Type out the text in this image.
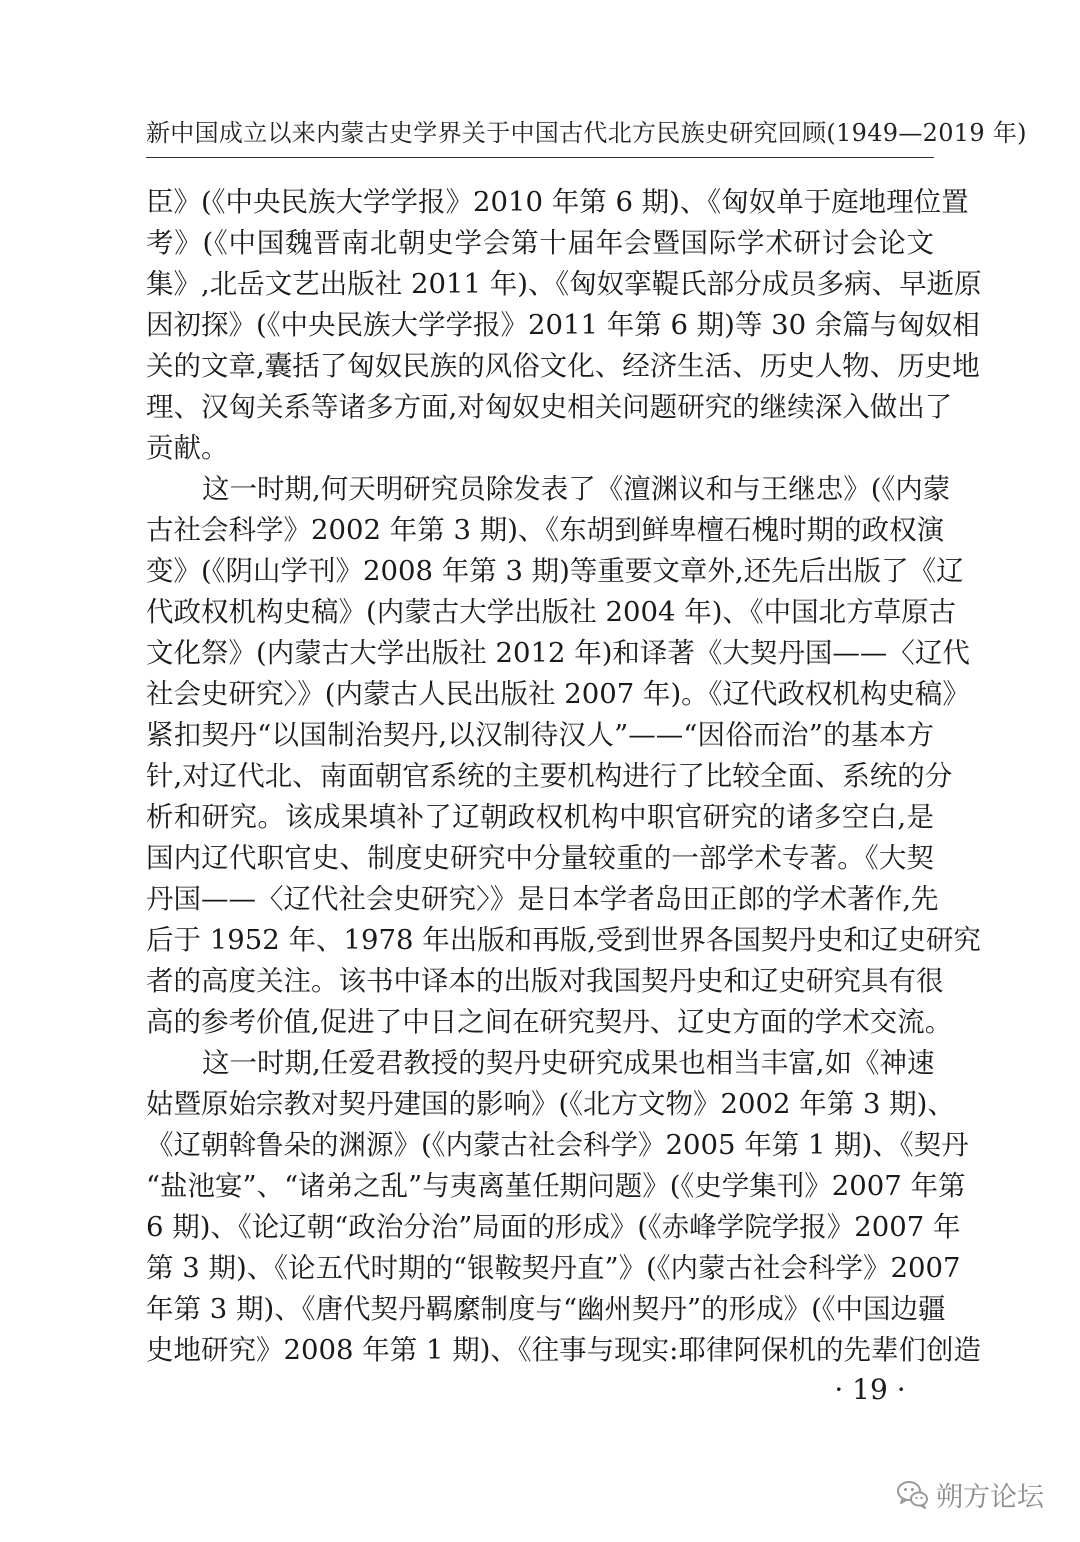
新中国成立以来内蒙古史学界关于中国古代北方民族史研究回顾(1949—2019 年)
臣》(《中央民族大学学报》2010 年第 6 期)、《匈奴单于庭地理位置
考》(《中国魏晋南北朝史学会第十届年会暨国际学术研讨会论文
集》,北岳文艺出版社 2011 年)、《匈奴挛鞮氏部分成员多病、早逝原
因初探》(《中央民族大学学报》2011 年第 6 期)等 30 余篇与匈奴相
关的文章,囊括了匈奴民族的风俗文化、经济生活、历史人物、历史地
理、汉匈关系等诸多方面,对匈奴史相关问题研究的继续深入做出了
贡献。
这一时期,何天明研究员除发表了《澶渊议和与王继忠》(《内蒙
古社会科学》2002 年第 3 期)、《东胡到鲜卑檀石槐时期的政权演
变》(《阴山学刊》2008 年第 3 期)等重要文章外,还先后出版了《辽
代政权机构史稿》(内蒙古大学出版社 2004 年)、《中国北方草原古
文化祭》(内蒙古大学出版社 2012 年)和译著《大契丹国——〈辽代
社会史研究〉》(内蒙古人民出版社 2007 年)。《辽代政权机构史稿》
紧扣契丹“以国制治契丹,以汉制待汉人”——“因俗而治”的基本方
针,对辽代北、南面朝官系统的主要机构进行了比较全面、系统的分
析和研究。该成果填补了辽朝政权机构中职官研究的诸多空白,是
国内辽代职官史、制度史研究中分量较重的一部学术专著。《大契
丹国——〈辽代社会史研究〉》是日本学者岛田正郎的学术著作,先
后于 1952 年、1978 年出版和再版,受到世界各国契丹史和辽史研究
者的高度关注。该书中译本的出版对我国契丹史和辽史研究具有很
高的参考价值,促进了中日之间在研究契丹、辽史方面的学术交流。
这一时期,任爱君教授的契丹史研究成果也相当丰富,如《神速
姑暨原始宗教对契丹建国的影响》(《北方文物》2002 年第 3 期)、
《辽朝斡鲁朵的渊源》(《内蒙古社会科学》2005 年第 1 期)、《契丹
“盐池宴”、“诸弟之乱”与夷离堇任期问题》(《史学集刊》2007 年第
6 期)、《论辽朝“政治分治”局面的形成》(《赤峰学院学报》2007 年
第 3 期)、《论五代时期的“银鞍契丹直”》(《内蒙古社会科学》2007
年第 3 期)、《唐代契丹羁縻制度与“幽州契丹”的形成》(《中国边疆
史地研究》2008 年第 1 期)、《往事与现实:耶律阿保机的先辈们创造
· 19 ·
朔方论坛
